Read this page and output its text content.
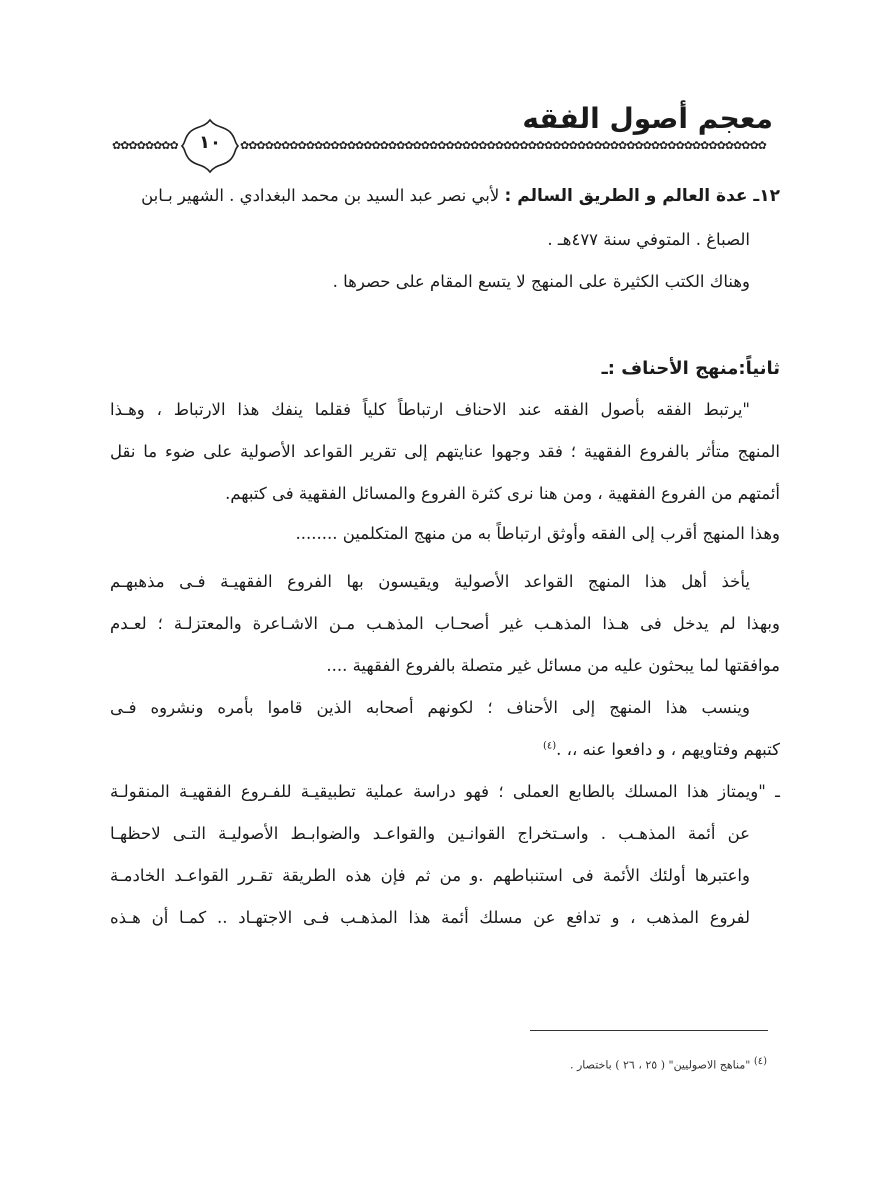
معجم أصول الفقه
✿✿✿✿✿✿✿✿	١٠	✿✿✿✿✿✿✿✿✿✿✿✿✿✿✿✿✿✿✿✿✿✿✿✿✿✿✿✿✿✿✿✿✿✿✿✿✿✿✿✿✿✿✿✿✿✿✿✿✿✿✿✿✿✿✿✿✿✿✿✿✿✿✿✿
١٢ـ عدة العالم و الطريق السالم : لأبي نصر عبد السيد بن محمد البغدادي . الشهير بـابن
الصباغ . المتوفي سنة ٤٧٧هـ .
وهناك الكتب الكثيرة على المنهج لا يتسع المقام على حصرها .
ثانياً:منهج الأحناف :ـ
"يرتبط الفقه بأصول الفقه عند الاحناف ارتباطاً كلياً فقلما ينفك هذا الارتباط ، وهـذا
المنهج متأثر بالفروع الفقهية ؛ فقد وجهوا عنايتهم إلى تقرير القواعد الأصولية على ضوء ما نقل
أئمتهم من الفروع الفقهية ، ومن هنا نرى كثرة الفروع والمسائل الفقهية فى كتبهم.
وهذا المنهج أقرب إلى الفقه وأوثق ارتباطاً به من منهج المتكلمين ........
يأخذ أهل هذا المنهج القواعد الأصولية ويقيسون بها الفروع الفقهيـة فـى مذهبهـم
وبهذا لم يدخل فى هـذا المذهـب غير أصحـاب المذهـب مـن الاشـاعرة والمعتزلـة ؛ لعـدم
موافقتها لما يبحثون عليه من مسائل غير متصلة بالفروع الفقهية ....
وينسب هذا المنهج إلى الأحناف ؛ لكونهم أصحابه الذين قاموا بأمره ونشروه فـى
كتبهم وفتاويهم ، و دافعوا عنه ،، .$^{(٤)}$
ـ "ويمتاز هذا المسلك بالطابع العملى ؛ فهو دراسة عملية تطبيقيـة للفـروع الفقهيـة المنقولـة
عن أئمة المذهـب . واسـتخراج القوانـين والقواعـد والضوابـط الأصوليـة التـى لاحظهـا
واعتبرها أولئك الأئمة فى استنباطهم .و من ثم فإن هذه الطريقة تقـرر القواعـد الخادمـة
لفروع المذهب ، و تدافع عن مسلك أئمة هذا المذهـب فـى الاجتهـاد .. كمـا أن هـذه
$^{(٤)}$ "مناهج الاصوليين" ( ٢٥ ، ٢٦ ) باختصار .
